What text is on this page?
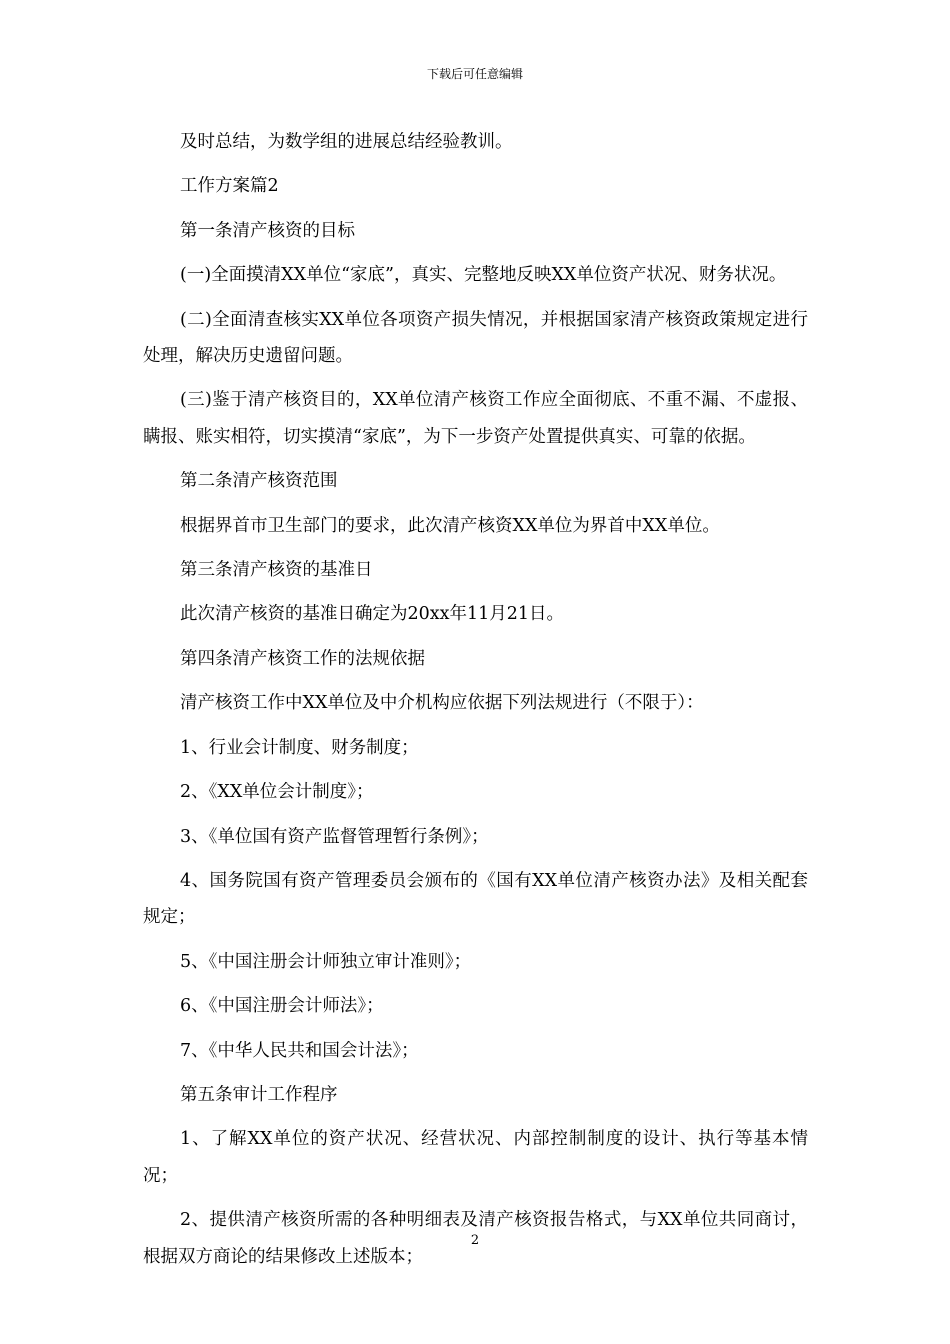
下载后可任意编辑

及时总结，为数学组的进展总结经验教训。

工作方案篇2

第一条清产核资的目标

(一)全面摸清XX单位“家底”，真实、完整地反映XX单位资产状况、财务状况。

(二)全面清查核实XX单位各项资产损失情况，并根据国家清产核资政策规定进行处理，解决历史遗留问题。

(三)鉴于清产核资目的，XX单位清产核资工作应全面彻底、不重不漏、不虚报、瞒报、账实相符，切实摸清“家底”，为下一步资产处置提供真实、可靠的依据。

第二条清产核资范围

根据界首市卫生部门的要求，此次清产核资XX单位为界首中XX单位。

第三条清产核资的基准日

此次清产核资的基准日确定为20xx年11月21日。

第四条清产核资工作的法规依据

清产核资工作中XX单位及中介机构应依据下列法规进行（不限于）：

1、行业会计制度、财务制度；

2、《XX单位会计制度》；

3、《单位国有资产监督管理暂行条例》；

4、国务院国有资产管理委员会颁布的《国有XX单位清产核资办法》及相关配套规定；

5、《中国注册会计师独立审计准则》；

6、《中国注册会计师法》；

7、《中华人民共和国会计法》；

第五条审计工作程序

1、了解XX单位的资产状况、经营状况、内部控制制度的设计、执行等基本情况；

2、提供清产核资所需的各种明细表及清产核资报告格式，与XX单位共同商讨，根据双方商论的结果修改上述版本；

2
